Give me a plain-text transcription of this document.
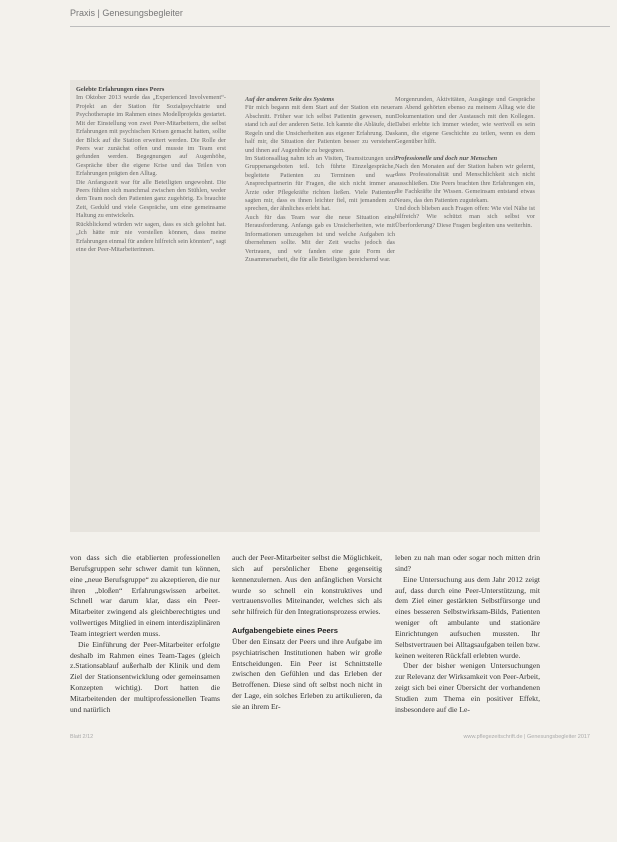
Praxis | Genesungsbegleiter

Gelebte Erfahrungen eines Peers

Im Oktober 2013 wurde das „Experienced Involvement“-Projekt an der Station für Sozialpsychiatrie und Psychotherapie im Rahmen eines Modellprojekts gestartet. Mit der Einstellung von zwei Peer-Mitarbeitern, die selbst Erfahrungen mit psychischen Krisen gemacht hatten, sollte der Blick auf die Station erweitert werden. Die Rolle der Peers war zunächst offen und musste im Team erst gefunden werden. Begegnungen auf Augenhöhe, Gespräche über die eigene Krise und das Teilen von Erfahrungen prägten den Alltag.

Die Anfangszeit war für alle Beteiligten ungewohnt. Die Peers fühlten sich manchmal zwischen den Stühlen, weder dem Team noch den Patienten ganz zugehörig. Es brauchte Zeit, Geduld und viele Gespräche, um eine gemeinsame Haltung zu entwickeln.

Rückblickend würden wir sagen, dass es sich gelohnt hat. „Ich hätte mir nie vorstellen können, dass meine Erfahrungen einmal für andere hilfreich sein könnten“, sagt eine der Peer-Mitarbeiterinnen.

Auf der anderen Seite des Systems

Für mich begann mit dem Start auf der Station ein neuer Abschnitt. Früher war ich selbst Patientin gewesen, nun stand ich auf der anderen Seite. Ich kannte die Abläufe, die Regeln und die Unsicherheiten aus eigener Erfahrung. Das half mir, die Situation der Patienten besser zu verstehen und ihnen auf Augenhöhe zu begegnen.

Im Stationsalltag nahm ich an Visiten, Teamsitzungen und Gruppenangeboten teil. Ich führte Einzelgespräche, begleitete Patienten zu Terminen und war Ansprechpartnerin für Fragen, die sich nicht immer an Ärzte oder Pflegekräfte richten ließen. Viele Patienten sagten mir, dass es ihnen leichter fiel, mit jemandem zu sprechen, der ähnliches erlebt hat.

Auch für das Team war die neue Situation eine Herausforderung. Anfangs gab es Unsicherheiten, wie mit Informationen umzugehen ist und welche Aufgaben ich übernehmen sollte. Mit der Zeit wuchs jedoch das Vertrauen, und wir fanden eine gute Form der Zusammenarbeit, die für alle Beteiligten bereichernd war.

Morgenrunden, Aktivitäten, Ausgänge und Gespräche am Abend gehörten ebenso zu meinem Alltag wie die Dokumentation und der Austausch mit den Kollegen. Dabei erlebte ich immer wieder, wie wertvoll es sein kann, die eigene Geschichte zu teilen, wenn es dem Gegenüber hilft.

Professionelle und doch nur Menschen

Nach den Monaten auf der Station haben wir gelernt, dass Professionalität und Menschlichkeit sich nicht ausschließen. Die Peers brachten ihre Erfahrungen ein, die Fachkräfte ihr Wissen. Gemeinsam entstand etwas Neues, das den Patienten zugutekam.

Und doch blieben auch Fragen offen: Wie viel Nähe ist hilfreich? Wie schützt man sich selbst vor Überforderung? Diese Fragen begleiten uns weiterhin.

von dass sich die etablierten professionellen Berufsgruppen sehr schwer damit tun können, eine „neue Berufsgruppe“ zu akzeptieren, die nur ihren „bloßen“ Erfahrungswissen arbeitet. Schnell war darum klar, dass ein Peer-Mitarbeiter zwingend als gleichberechtigtes und vollwertiges Mitglied in einem interdisziplinären Team integriert werden muss.

Die Einführung der Peer-Mitarbeiter erfolgte deshalb im Rahmen eines Team-Tages (gleich z.Stationsablauf außerhalb der Klinik und dem Ziel der Stationsentwicklung oder gemeinsamen Konzepten wichtig). Dort hatten die Mitarbeitenden der multiprofessionellen Teams und natürlich

auch der Peer-Mitarbeiter selbst die Möglichkeit, sich auf persönlicher Ebene gegenseitig kennenzulernen. Aus den anfänglichen Vorsicht wurde so schnell ein konstruktives und vertrauensvolles Miteinander, welches sich als sehr hilfreich für den Integrationsprozess erwies.

Aufgabengebiete eines Peers

Über den Einsatz der Peers und ihre Aufgabe im psychiatrischen Institutionen haben wir große Entscheidungen. Ein Peer ist Schnittstelle zwischen den Gefühlen und das Erleben der Betroffenen. Diese sind oft selbst noch nicht in der Lage, ein solches Erleben zu artikulieren, da sie an ihrem Er-

leben zu nah man oder sogar noch mitten drin sind?

Eine Untersuchung aus dem Jahr 2012 zeigt auf, dass durch eine Peer-Unterstützung, mit dem Ziel einer gestärkten Selbstfürsorge und eines besseren Selbstwirksam-Bilds, Patienten weniger oft ambulante und stationäre Einrichtungen aufsuchen mussten. Ihr Selbstvertrauen bei Alltagsaufgaben teilen bzw. keinen weiteren Rückfall erlebten wurde.

Über der bisher wenigen Untersuchungen zur Relevanz der Wirksamkeit von Peer-Arbeit, zeigt sich bei einer Übersicht der vorhandenen Studien zum Thema ein positiver Effekt, insbesondere auf die Le-

Blatt 2/12	www.pflegezeitschrift.de | Genesungsbegleiter 2017
